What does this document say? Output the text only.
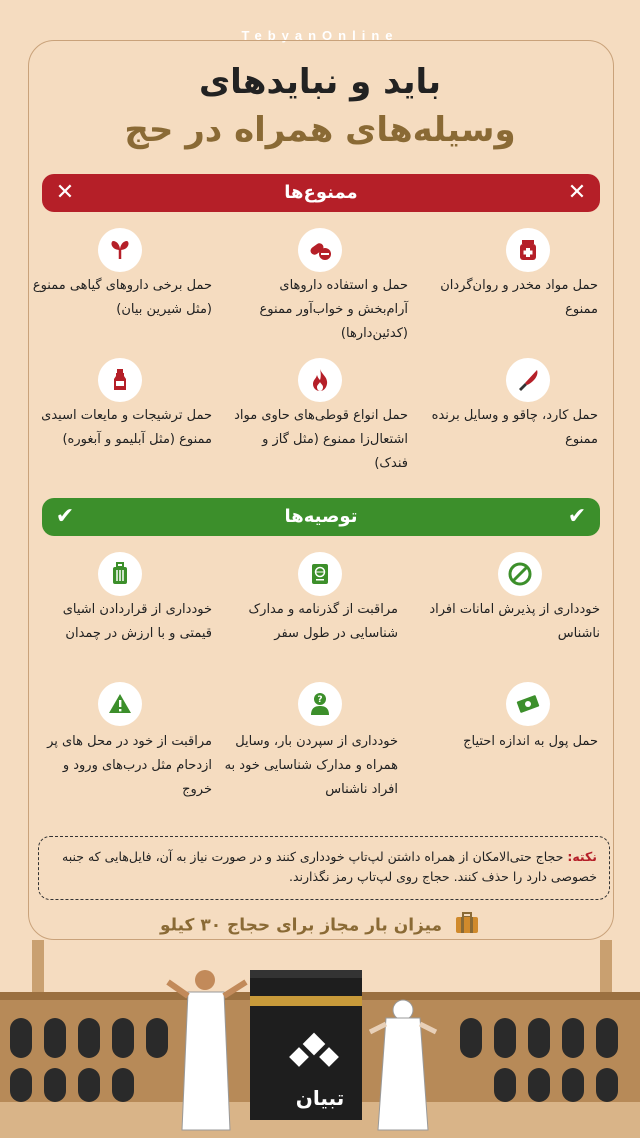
TebyanOnline
باید و نبایدهای
وسیله‌های همراه در حج
✕	ممنوع‌ها	✕
حمل مواد مخدر و روان‌گردان ممنوع
حمل و استفاده داروهای آرام‌بخش و خواب‌آور ممنوع (کدئین‌دارها)
حمل برخی داروهای گیاهی ممنوع (مثل شیرین بیان)
حمل کارد، چاقو و وسایل برنده ممنوع
حمل انواع قوطی‌های حاوی مواد اشتعال‌زا ممنوع (مثل گاز و فندک)
حمل ترشیجات و مایعات اسیدی ممنوع (مثل آبلیمو و آبغوره)
✔	توصیه‌ها	✔
خودداری از پذیرش امانات افراد ناشناس
مراقبت از گذرنامه و مدارک شناسایی در طول سفر
خودداری از قراردادن اشیای قیمتی و با ارزش در چمدان
حمل پول به اندازه احتیاج
?
خودداری از سپردن بار، وسایل همراه و مدارک شناسایی خود به افراد ناشناس
مراقبت از خود در محل های پر ازدحام مثل درب‌های ورود و خروج
نکته: حجاج حتی‌الامکان از همراه داشتن لپ‌تاپ خودداری کنند و در صورت نیاز به آن، فایل‌هایی که جنبه خصوصی دارد را حذف کنند. حجاج روی لپ‌تاپ رمز نگذارند.
میزان بار مجاز برای حجاج ۳۰ کیلو
تبیان
